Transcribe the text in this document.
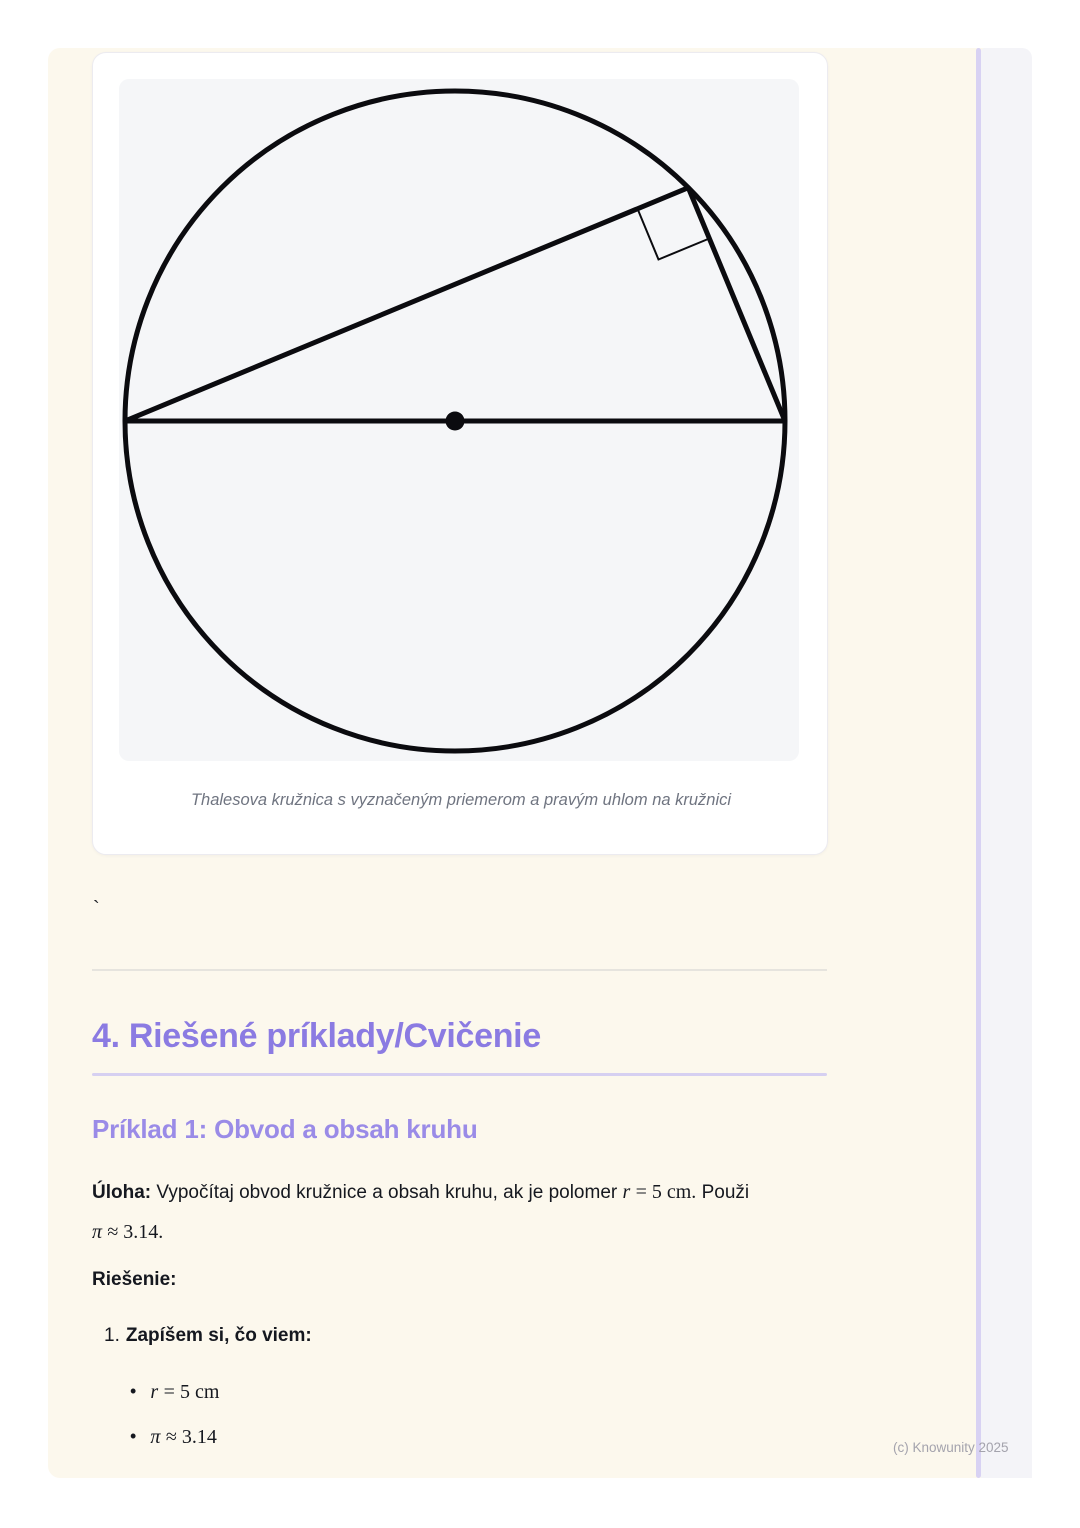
Thalesova kružnica s vyznačeným priemerom a pravým uhlom na kružnici
`
4. Riešené príklady/Cvičenie
Príklad 1: Obvod a obsah kruhu
Úloha: Vypočítaj obvod kružnice a obsah kruhu, ak je polomer r = 5 cm. Použi
π ≈ 3.14.
Riešenie:
1. Zapíšem si, čo viem:
• r = 5 cm
• π ≈ 3.14	(c) Knowunity 2025
